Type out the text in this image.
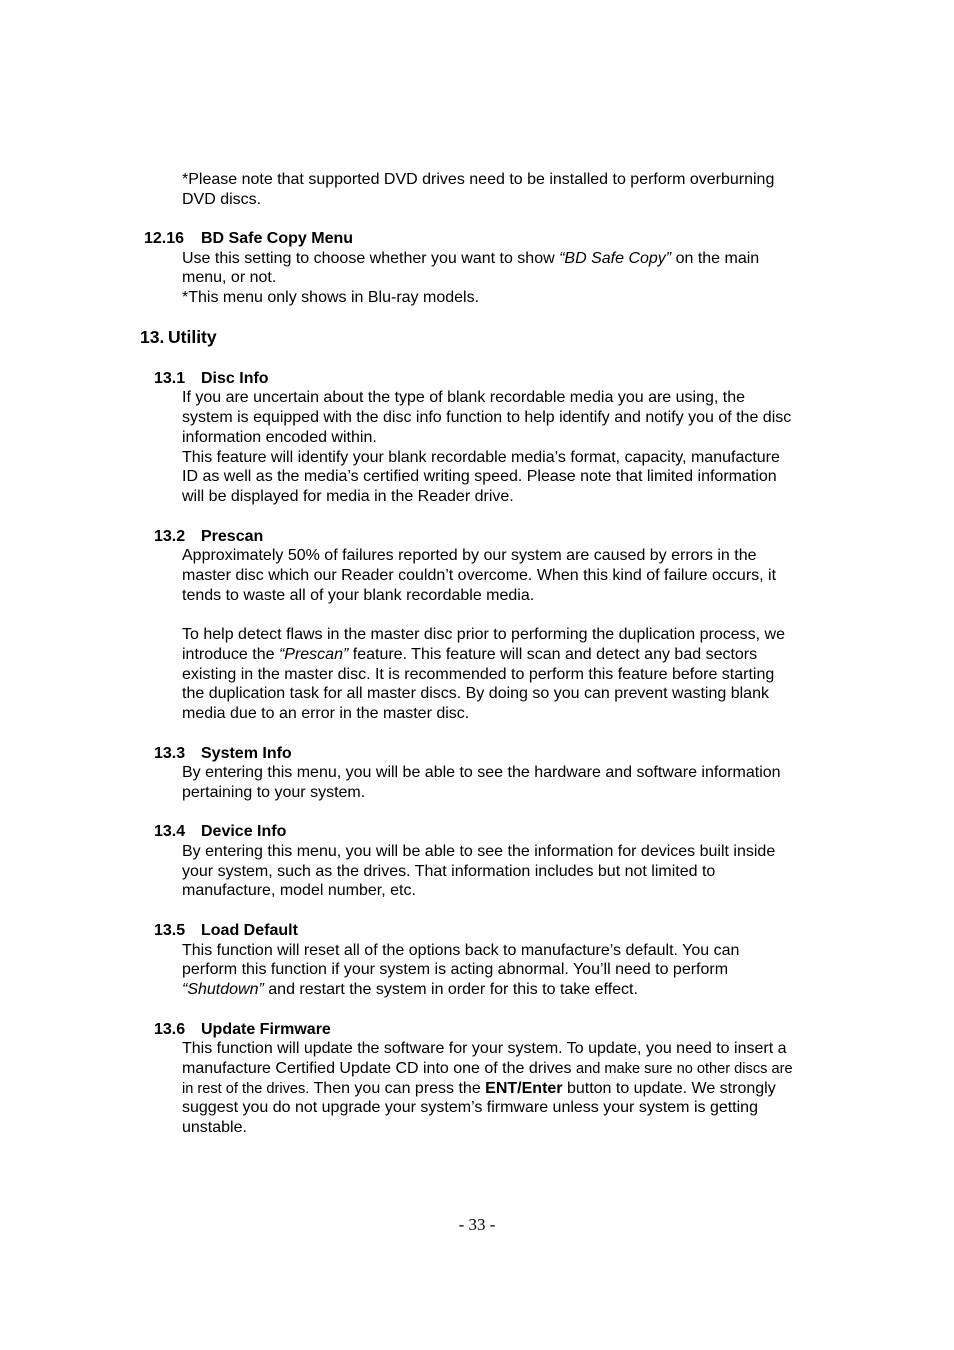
*Please note that supported DVD drives need to be installed to perform overburning
DVD discs.
12.16 BD Safe Copy Menu
Use this setting to choose whether you want to show “BD Safe Copy” on the main
menu, or not.
*This menu only shows in Blu-ray models.
13. Utility
13.1 Disc Info
If you are uncertain about the type of blank recordable media you are using, the
system is equipped with the disc info function to help identify and notify you of the disc
information encoded within.
This feature will identify your blank recordable media’s format, capacity, manufacture
ID as well as the media’s certified writing speed. Please note that limited information
will be displayed for media in the Reader drive.
13.2 Prescan
Approximately 50% of failures reported by our system are caused by errors in the
master disc which our Reader couldn’t overcome. When this kind of failure occurs, it
tends to waste all of your blank recordable media.
To help detect flaws in the master disc prior to performing the duplication process, we
introduce the “Prescan” feature. This feature will scan and detect any bad sectors
existing in the master disc. It is recommended to perform this feature before starting
the duplication task for all master discs. By doing so you can prevent wasting blank
media due to an error in the master disc.
13.3 System Info
By entering this menu, you will be able to see the hardware and software information
pertaining to your system.
13.4 Device Info
By entering this menu, you will be able to see the information for devices built inside
your system, such as the drives. That information includes but not limited to
manufacture, model number, etc.
13.5 Load Default
This function will reset all of the options back to manufacture’s default. You can
perform this function if your system is acting abnormal. You’ll need to perform
“Shutdown” and restart the system in order for this to take effect.
13.6 Update Firmware
This function will update the software for your system. To update, you need to insert a
manufacture Certified Update CD into one of the drives and make sure no other discs are
in rest of the drives. Then you can press the ENT/Enter button to update. We strongly
suggest you do not upgrade your system’s firmware unless your system is getting
unstable.
- 33 -
